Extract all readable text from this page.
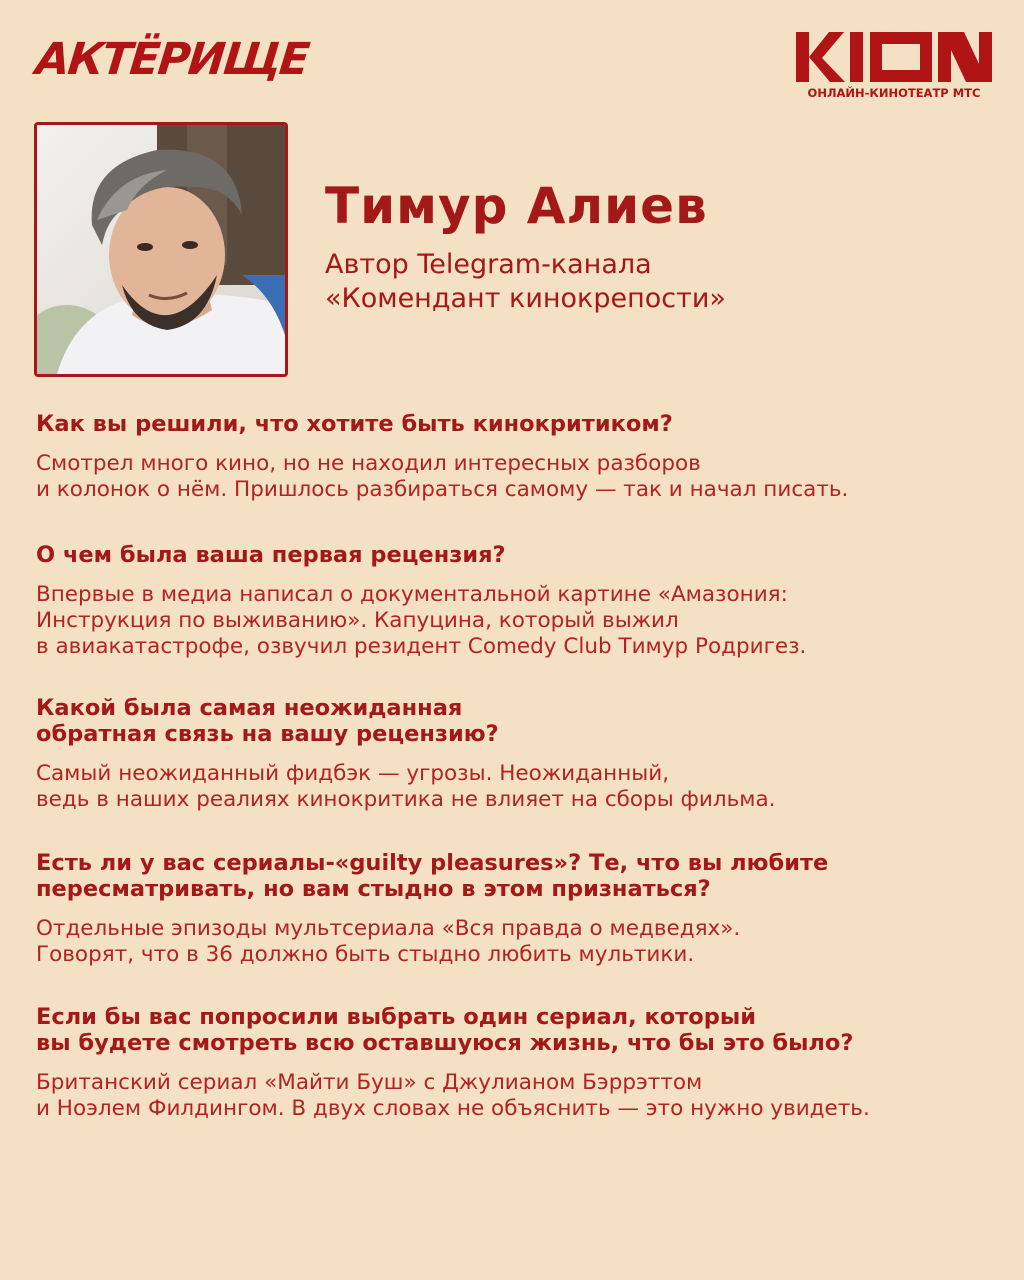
АКТЁРИЩЕ
ОНЛАЙН-КИНОТЕАТР МТС
Тимур Алиев
Автор Telegram-канала
«Комендант кинокрепости»

Как вы решили, что хотите быть кинокритиком?

Смотрел много кино, но не находил интересных разборов
и колонок о нём. Пришлось разбираться самому — так и начал писать.

О чем была ваша первая рецензия?

Впервые в медиа написал о документальной картине «Амазония:
Инструкция по выживанию». Капуцина, который выжил
в авиакатастрофе, озвучил резидент Comedy Club Тимур Родригез.

Какой была самая неожиданная
обратная связь на вашу рецензию?

Самый неожиданный фидбэк — угрозы. Неожиданный,
ведь в наших реалиях кинокритика не влияет на сборы фильма.

Есть ли у вас сериалы-«guilty pleasures»? Те, что вы любите
пересматривать, но вам стыдно в этом признаться?

Отдельные эпизоды мультсериала «Вся правда о медведях».
Говорят, что в 36 должно быть стыдно любить мультики.

Если бы вас попросили выбрать один сериал, который
вы будете смотреть всю оставшуюся жизнь, что бы это было?

Британский сериал «Майти Буш» с Джулианом Бэррэттом
и Ноэлем Филдингом. В двух словах не объяснить — это нужно увидеть.
